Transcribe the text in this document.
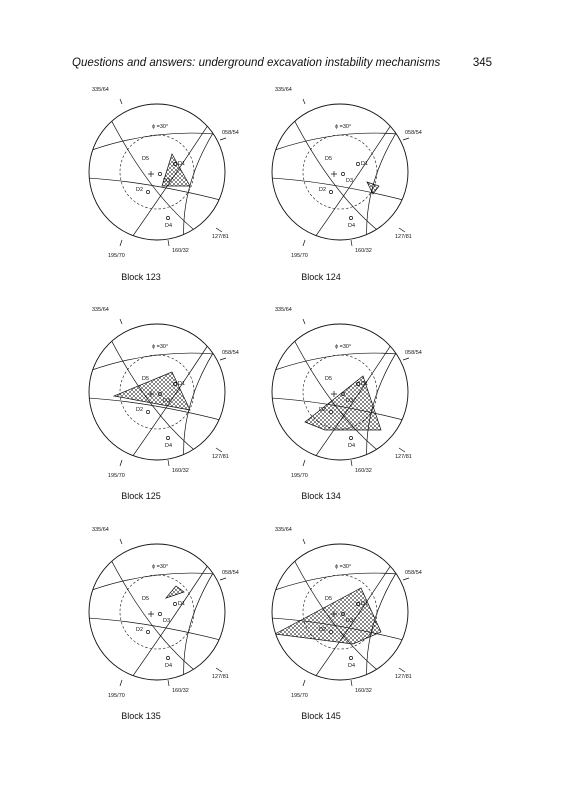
Questions and answers: underground excavation instability mechanisms	345
335/64
058/54
127/81
160/32
195/70
ϕ =30°
D1
D2
D3
D4
D5
Block 123
335/64
058/54
127/81
160/32
195/70
ϕ =30°
D1
D2
D3
D4
D5
Block 124
335/64
058/54
127/81
160/32
195/70
ϕ =30°
D1
D2
D3
D4
D5
Block 125
335/64
058/54
127/81
160/32
195/70
ϕ =30°
D1
D2
D3
D4
D5
Block 134
335/64
058/54
127/81
160/32
195/70
ϕ =30°
D1
D2
D3
D4
D5
Block 135
335/64
058/54
127/81
160/32
195/70
ϕ =30°
D1
D2
D3
D4
D5
Block 145
